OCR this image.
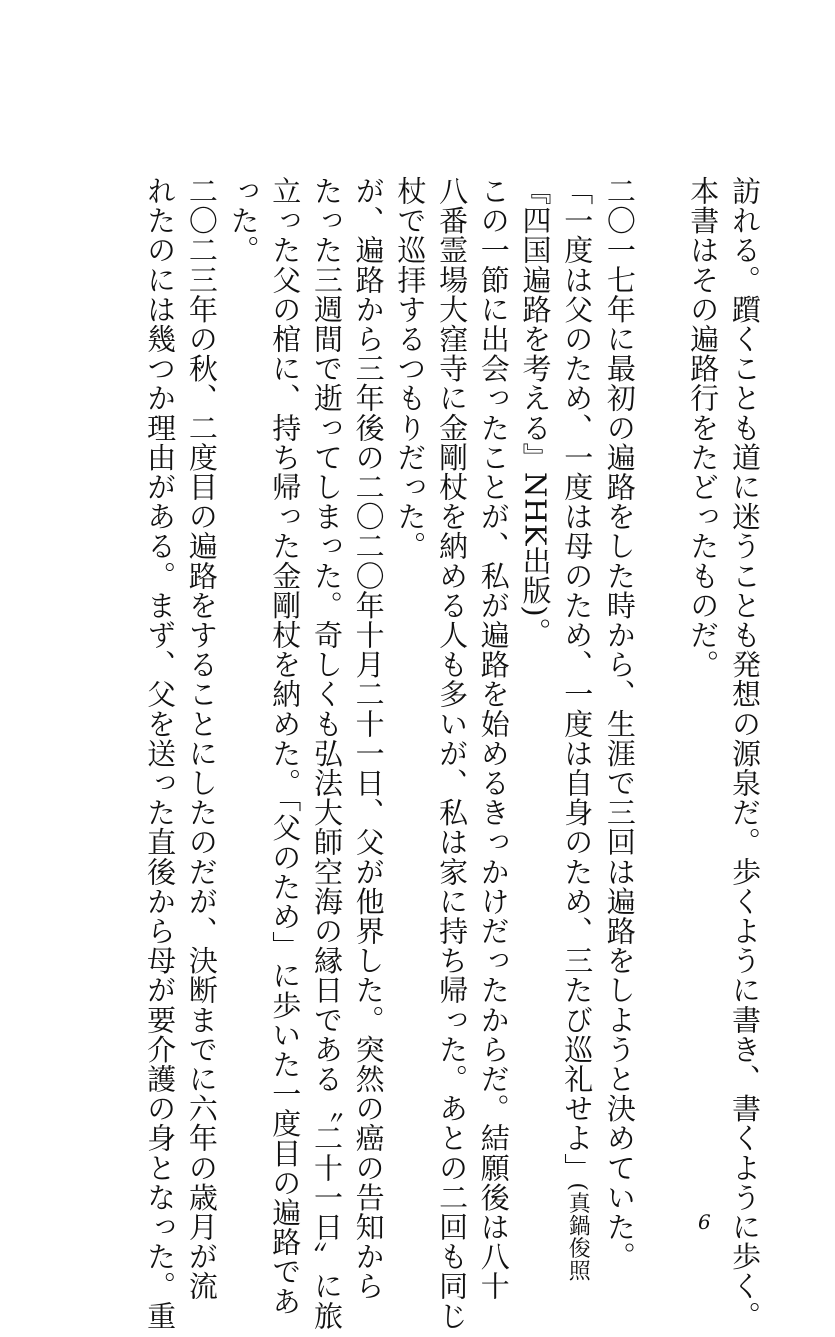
訪れる。躓くことも道に迷うことも発想の源泉だ。歩くように書き、書くように歩く。
本書はその遍路行をたどったものだ。
二〇一七年に最初の遍路をした時から、生涯で三回は遍路をしようと決めていた。
「一度は父のため、一度は母のため、一度は自身のため、三たび巡礼せよ」(真鍋俊照
『四国遍路を考える』NHK出版)。
この一節に出会ったことが、私が遍路を始めるきっかけだったからだ。結願後は八十
八番霊場大窪寺に金剛杖を納める人も多いが、私は家に持ち帰った。あとの二回も同じ
杖で巡拝するつもりだった。
が、遍路から三年後の二〇二〇年十月二十一日、父が他界した。突然の癌の告知から
たった三週間で逝ってしまった。奇しくも弘法大師空海の縁日である〝二十一日〟に旅
立った父の棺に、持ち帰った金剛杖を納めた。「父のため」に歩いた一度目の遍路であ
った。
二〇二三年の秋、二度目の遍路をすることにしたのだが、決断までに六年の歳月が流
れたのには幾つか理由がある。まず、父を送った直後から母が要介護の身となった。重	6
